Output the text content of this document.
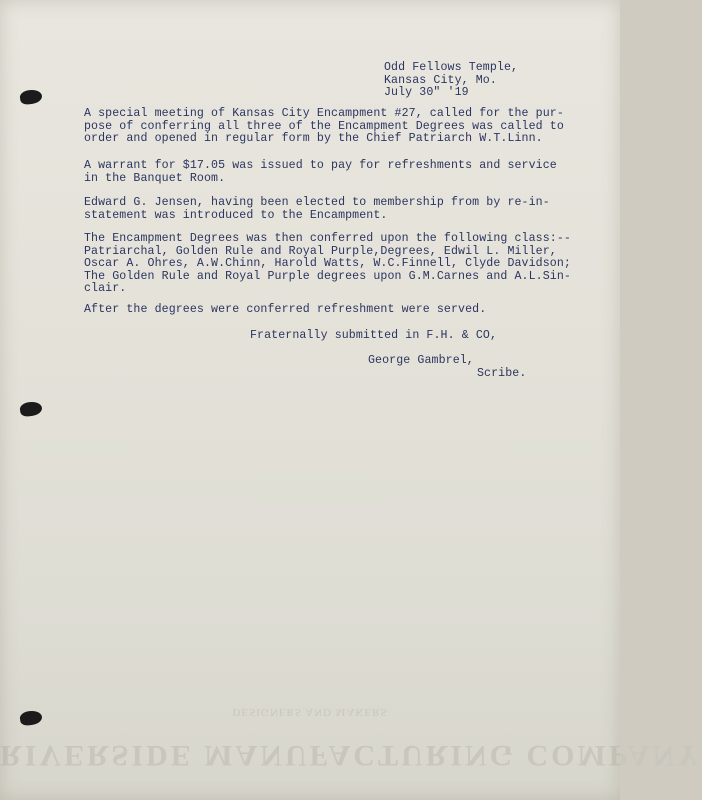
Odd Fellows Temple,
Kansas City, Mo.
July 30" '19

A special meeting of Kansas City Encampment #27, called for the pur-
pose of conferring all three of the Encampment Degrees was called to
order and opened in regular form by the Chief Patriarch W.T.Linn.

A warrant for $17.05 was issued to pay for refreshments and service
in the Banquet Room.

Edward G. Jensen, having been elected to membership from by re-in-
statement was introduced to the Encampment.

The Encampment Degrees was then conferred upon the following class:--
Patriarchal, Golden Rule and Royal Purple,Degrees, Edwil L. Miller,
Oscar A. Ohres, A.W.Chinn, Harold Watts, W.C.Finnell, Clyde Davidson;
The Golden Rule and Royal Purple degrees upon G.M.Carnes and A.L.Sin-
clair.

After the degrees were conferred refreshment were served.

Fraternally submitted in F.H. & CO,

George Gambrel,

Scribe.

DESIGNERS AND MAKERS

RIVERSIDE MANUFACTURING COMPANY
